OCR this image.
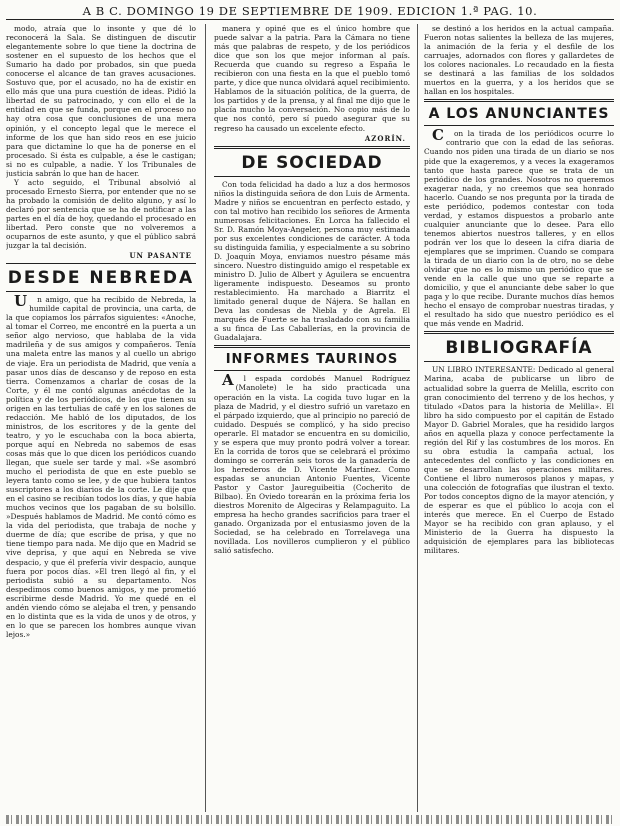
A B C. DOMINGO 19 DE SEPTIEMBRE DE 1909. EDICION 1.ª PAG. 10.

modo, atraía que lo insonte y que dé lo reconocerá la Sala. Se distinguen de discutir elegantemente sobre lo que tiene la doctrina de sostener en el supuesto de los hechos que el Sumario ha dado por probados, sin que pueda conocerse el alcance de tan graves acusaciones. Sostuvo que, por el acusado, no ha de existir en ello más que una pura cuestión de ideas. Pidió la libertad de su patrocinado, y con ello el de la entidad en que se funda, porque en el proceso no hay otra cosa que conclusiones de una mera opinión, y el concepto legal que le merece el informe de los que han sido reos en ese juicio para que dictamine lo que ha de ponerse en el procesado. Si ésta es culpable, a ése le castigan; si no es culpable, a nadie. Y los Tribunales de justicia sabrán lo que han de hacer.

Y acto seguido, el Tribunal absolvió al procesado Ernesto Sierra, por entender que no se ha probado la comisión de delito alguno, y así lo declaró por sentencia que se ha de notificar a las partes en el día de hoy, quedando el procesado en libertad. Pero conste que no volveremos a ocuparnos de este asunto, y que el público sabrá juzgar la tal decisión.

UN PASANTE
DESDE NEBREDA

Un amigo, que ha recibido de Nebreda, la humilde capital de provincia, una carta, de la que copiamos los párrafos siguientes: «Anoche, al tomar el Correo, me encontré en la puerta a un señor algo nervioso, que hablaba de la vida madrileña y de sus amigos y compañeros. Tenía una maleta entre las manos y al cuello un abrigo de viaje. Era un periodista de Madrid, que venía a pasar unos días de descanso y de reposo en esta tierra. Comenzamos a charlar de cosas de la Corte, y él me contó algunas anécdotas de la política y de los periódicos, de los que tienen su origen en las tertulias de café y en los salones de redacción. Me habló de los diputados, de los ministros, de los escritores y de la gente del teatro, y yo le escuchaba con la boca abierta, porque aquí en Nebreda no sabemos de esas cosas más que lo que dicen los periódicos cuando llegan, que suele ser tarde y mal. »Se asombró mucho el periodista de que en este pueblo se leyera tanto como se lee, y de que hubiera tantos suscriptores a los diarios de la corte. Le dije que en el casino se recibían todos los días, y que había muchos vecinos que los pagaban de su bolsillo. »Después hablamos de Madrid. Me contó cómo es la vida del periodista, que trabaja de noche y duerme de día; que escribe de prisa, y que no tiene tiempo para nada. Me dijo que en Madrid se vive deprisa, y que aquí en Nebreda se vive despacio, y que él prefería vivir despacio, aunque fuera por pocos días. »El tren llegó al fin, y el periodista subió a su departamento. Nos despedimos como buenos amigos, y me prometió escribirme desde Madrid. Yo me quedé en el andén viendo cómo se alejaba el tren, y pensando en lo distinta que es la vida de unos y de otros, y en lo que se parecen los hombres aunque vivan lejos.»

manera y opiné que es el único hombre que puede salvar a la patria. Para la Cámara no tiene más que palabras de respeto, y de los periódicos dice que son los que mejor informan al país. Recuerda que cuando su regreso a España le recibieron con una fiesta en la que el pueblo tomó parte, y dice que nunca olvidará aquel recibimiento. Hablamos de la situación política, de la guerra, de los partidos y de la prensa, y al final me dijo que le placía mucho la conversación. No copio más de lo que nos contó, pero sí puedo asegurar que su regreso ha causado un excelente efecto.

AZORÍN.
DE SOCIEDAD

Con toda felicidad ha dado a luz a dos hermosos niños la distinguida señora de don Luis de Armenta. Madre y niños se encuentran en perfecto estado, y con tal motivo han recibido los señores de Armenta numerosas felicitaciones. En Lorca ha fallecido el Sr. D. Ramón Moya-Angeler, persona muy estimada por sus excelentes condiciones de carácter. A toda su distinguida familia, y especialmente a su sobrino D. Joaquín Moya, enviamos nuestro pésame más sincero. Nuestro distinguido amigo el respetable ex ministro D. Julio de Albert y Aguilera se encuentra ligeramente indispuesto. Deseamos su pronto restablecimiento. Ha marchado a Biarritz el limitado general duque de Nájera. Se hallan en Deva las condesas de Niebla y de Agrela. El marqués de Fuerte se ha trasladado con su familia a su finca de Las Caballerías, en la provincia de Guadalajara.

INFORMES TAURINOS

Al espada cordobés Manuel Rodríguez (Manolete) le ha sido practicada una operación en la vista. La cogida tuvo lugar en la plaza de Madrid, y el diestro sufrió un varetazo en el párpado izquierdo, que al principio no pareció de cuidado. Después se complicó, y ha sido preciso operarle. El matador se encuentra en su domicilio, y se espera que muy pronto podrá volver a torear. En la corrida de toros que se celebrará el próximo domingo se correrán seis toros de la ganadería de los herederos de D. Vicente Martínez. Como espadas se anuncian Antonio Fuentes, Vicente Pastor y Castor Jaureguibeitia (Cocherito de Bilbao). En Oviedo torearán en la próxima feria los diestros Morenito de Algeciras y Relampaguito. La empresa ha hecho grandes sacrificios para traer el ganado. Organizada por el entusiasmo joven de la Sociedad, se ha celebrado en Torrelavega una novillada. Los novilleros cumplieron y el público salió satisfecho.

se destinó a los heridos en la actual campaña. Fueron notas salientes la belleza de las mujeres, la animación de la feria y el desfile de los carruajes, adornados con flores y gallardetes de los colores nacionales. Lo recaudado en la fiesta se destinará a las familias de los soldados muertos en la guerra, y a los heridos que se hallan en los hospitales.

A LOS ANUNCIANTES

Con la tirada de los periódicos ocurre lo contrario que con la edad de las señoras. Cuando nos piden una tirada de un diario se nos pide que la exageremos, y a veces la exageramos tanto que hasta parece que se trata de un periódico de los grandes. Nosotros no queremos exagerar nada, y no creemos que sea honrado hacerlo. Cuando se nos pregunta por la tirada de este periódico, podemos contestar con toda verdad, y estamos dispuestos a probarlo ante cualquier anunciante que lo desee. Para ello tenemos abiertos nuestros talleres, y en ellos podrán ver los que lo deseen la cifra diaria de ejemplares que se imprimen. Cuando se compara la tirada de un diario con la de otro, no se debe olvidar que no es lo mismo un periódico que se vende en la calle que uno que se reparte a domicilio, y que el anunciante debe saber lo que paga y lo que recibe. Durante muchos días hemos hecho el ensayo de comprobar nuestras tiradas, y el resultado ha sido que nuestro periódico es el que más vende en Madrid.

BIBLIOGRAFÍA

UN LIBRO INTERESANTE: Dedicado al general Marina, acaba de publicarse un libro de actualidad sobre la guerra de Melilla, escrito con gran conocimiento del terreno y de los hechos, y titulado «Datos para la historia de Melilla». El libro ha sido compuesto por el capitán de Estado Mayor D. Gabriel Morales, que ha residido largos años en aquella plaza y conoce perfectamente la región del Rif y las costumbres de los moros. En su obra estudia la campaña actual, los antecedentes del conflicto y las condiciones en que se desarrollan las operaciones militares. Contiene el libro numerosos planos y mapas, y una colección de fotografías que ilustran el texto. Por todos conceptos digno de la mayor atención, y de esperar es que el público lo acoja con el interés que merece. En el Cuerpo de Estado Mayor se ha recibido con gran aplauso, y el Ministerio de la Guerra ha dispuesto la adquisición de ejemplares para las bibliotecas militares.
